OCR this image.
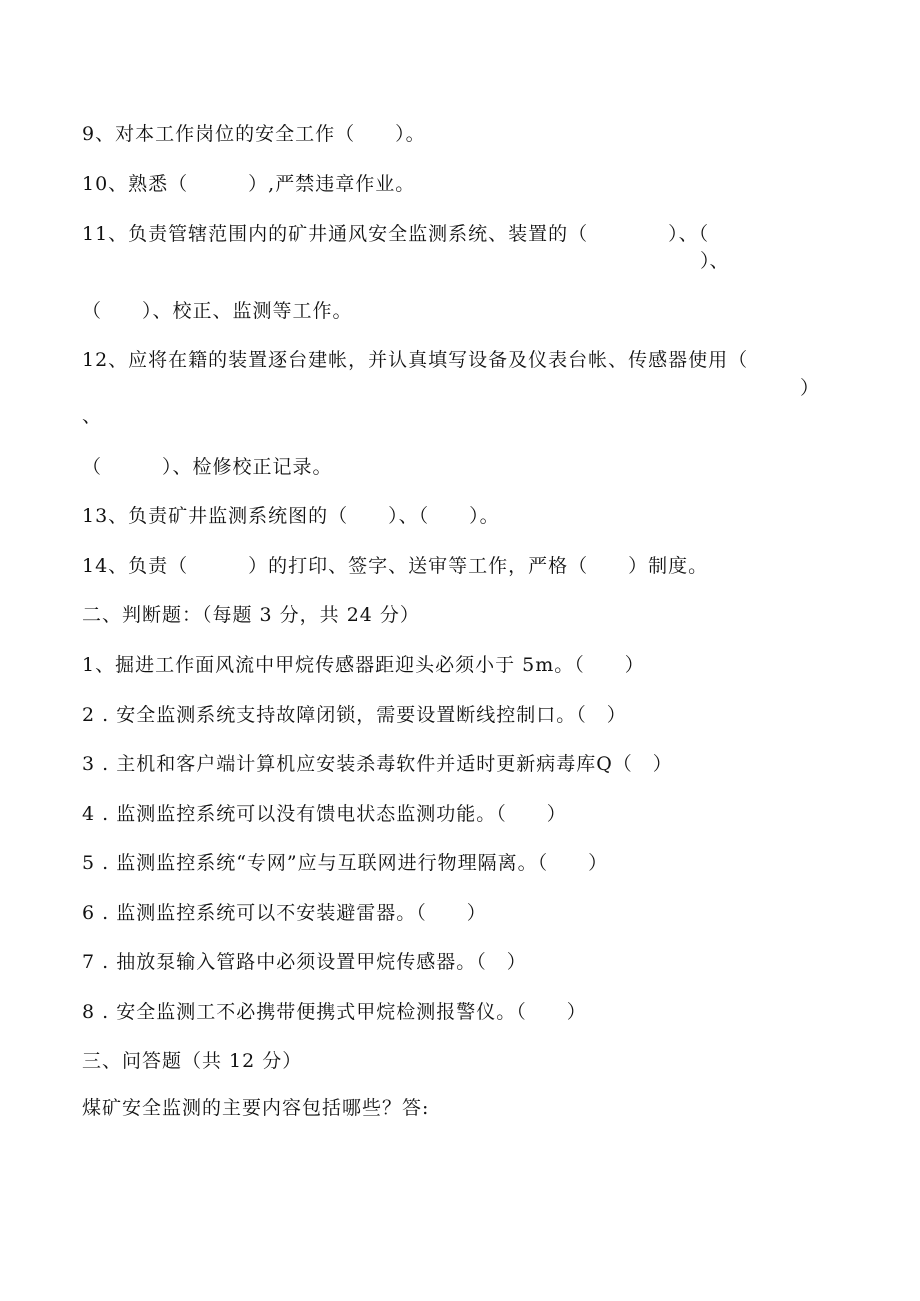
9、对本工作岗位的安全工作（　　）。
10、熟悉（　　　）,严禁违章作业。
11、负责管辖范围内的矿井通风安全监测系统、装置的（　　　　）、（
）、
（　　）、校正、监测等工作。
12、应将在籍的装置逐台建帐，并认真填写设备及仪表台帐、传感器使用（
）
、
（　　　）、检修校正记录。
13、负责矿井监测系统图的（　　）、（　　）。
14、负责（　　　）的打印、签字、送审等工作，严格（　　）制度。
二、判断题：（每题 3 分，共 24 分）
1、掘进工作面风流中甲烷传感器距迎头必须小于 5m。（　　）
2 . 安全监测系统支持故障闭锁，需要设置断线控制口。（　）
3 . 主机和客户端计算机应安装杀毒软件并适时更新病毒库Q（　）
4 . 监测监控系统可以没有馈电状态监测功能。（　　）
5 . 监测监控系统“专网”应与互联网进行物理隔离。（　　）
6 . 监测监控系统可以不安装避雷器。（　　）
7 . 抽放泵输入管路中必须设置甲烷传感器。（　）
8 . 安全监测工不必携带便携式甲烷检测报警仪。（　　）
三、问答题（共 12 分）
煤矿安全监测的主要内容包括哪些？答:
